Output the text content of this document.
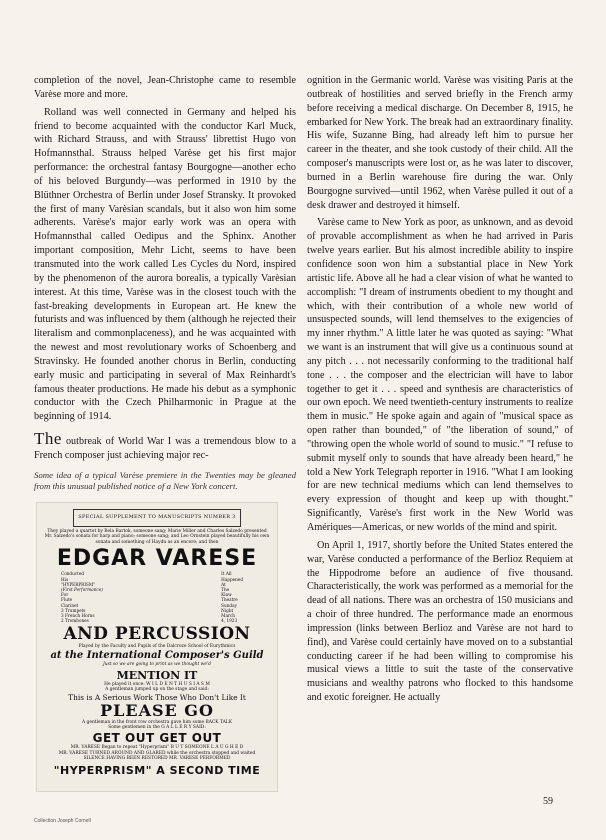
completion of the novel, Jean-Christophe came to resemble Varèse more and more.

Rolland was well connected in Germany and helped his friend to become acquainted with the conductor Karl Muck, with Richard Strauss, and with Strauss' librettist Hugo von Hofmannsthal. Strauss helped Varèse get his first major performance: the orchestral fantasy Bourgogne—another echo of his beloved Burgundy—was performed in 1910 by the Blüthner Orchestra of Berlin under Josef Stransky. It provoked the first of many Varèsian scandals, but it also won him some adherents. Varèse's major early work was an opera with Hofmannsthal called Oedipus and the Sphinx. Another important composition, Mehr Licht, seems to have been transmuted into the work called Les Cycles du Nord, inspired by the phenomenon of the aurora borealis, a typically Varèsian interest. At this time, Varèse was in the closest touch with the fast-breaking developments in European art. He knew the futurists and was influenced by them (although he rejected their literalism and commonplaceness), and he was acquainted with the newest and most revolutionary works of Schoenberg and Stravinsky. He founded another chorus in Berlin, conducting early music and participating in several of Max Reinhardt's famous theater productions. He made his debut as a symphonic conductor with the Czech Philharmonic in Prague at the beginning of 1914.

The outbreak of World War I was a tremendous blow to a French composer just achieving major rec-

Some idea of a typical Varèse premiere in the Twenties may be gleaned from this unusual published notice of a New York concert.
SPECIAL SUPPLEMENT TO MANUSCRIPTS NUMBER 3
They played a quartet by Bela Bartok, someone sang; Marie Miller and Charles Salzedo presented Mr. Salzedo's sonata for harp and piano; someone sang; and Leo Ornstein played beautifully his own sonata and something of Haydn as an encore; and then
EDGAR VARESE
Conducted
His
"HYPERPRISM"
(First Performance)
For
Flute
Clarinet
3 Trumpets
3 French Horns
2 Trombones
It All
Happened
At
The
Klaw
Theatre
Sunday
Night
March
4, 1923
AND PERCUSSION
Played by the Faculty and Pupils of the Dalcroze School of Eurythmics
at the International Composer's Guild
Just so we are going to print as we thought we'd
MENTION IT
He played it once: W I L D E N T H U S I A S M
A gentleman jumped up on the stage and said:
This is A Serious Work Those Who Don't Like It
PLEASE GO
A gentleman in the front row orchestra gave him some BACK TALK
Some gentlemen in the G A L L E R Y SAID:
GET OUT GET OUT
MR. VARESE Began to repeat "Hyperprism" B U T SOMEONE L A U G H E D
MR. VARESE TURNED AROUND AND GLARED while the orchestra stopped and waited
SILENCE HAVING BEEN RESTORED MR. VARESE PERFORMED
"HYPERPRISM" A SECOND TIME

ognition in the Germanic world. Varèse was visiting Paris at the outbreak of hostilities and served briefly in the French army before receiving a medical discharge. On December 8, 1915, he embarked for New York. The break had an extraordinary finality. His wife, Suzanne Bing, had already left him to pursue her career in the theater, and she took custody of their child. All the composer's manuscripts were lost or, as he was later to discover, burned in a Berlin warehouse fire during the war. Only Bourgogne survived—until 1962, when Varèse pulled it out of a desk drawer and destroyed it himself.

Varèse came to New York as poor, as unknown, and as devoid of provable accomplishment as when he had arrived in Paris twelve years earlier. But his almost incredible ability to inspire confidence soon won him a substantial place in New York artistic life. Above all he had a clear vision of what he wanted to accomplish: "I dream of instruments obedient to my thought and which, with their contribution of a whole new world of unsuspected sounds, will lend themselves to the exigencies of my inner rhythm." A little later he was quoted as saying: "What we want is an instrument that will give us a continuous sound at any pitch . . . not necessarily conforming to the traditional half tone . . . the composer and the electrician will have to labor together to get it . . . speed and synthesis are characteristics of our own epoch. We need twentieth-century instruments to realize them in music." He spoke again and again of "musical space as open rather than bounded," of "the liberation of sound," of "throwing open the whole world of sound to music." "I refuse to submit myself only to sounds that have already been heard," he told a New York Telegraph reporter in 1916. "What I am looking for are new technical mediums which can lend themselves to every expression of thought and keep up with thought." Significantly, Varèse's first work in the New World was Amériques—Americas, or new worlds of the mind and spirit.

On April 1, 1917, shortly before the United States entered the war, Varèse conducted a performance of the Berlioz Requiem at the Hippodrome before an audience of five thousand. Characteristically, the work was performed as a memorial for the dead of all nations. There was an orchestra of 150 musicians and a choir of three hundred. The performance made an enormous impression (links between Berlioz and Varèse are not hard to find), and Varèse could certainly have moved on to a substantial conducting career if he had been willing to compromise his musical views a little to suit the taste of the conservative musicians and wealthy patrons who flocked to this handsome and exotic foreigner. He actually

59
Collection Joseph Cornell
